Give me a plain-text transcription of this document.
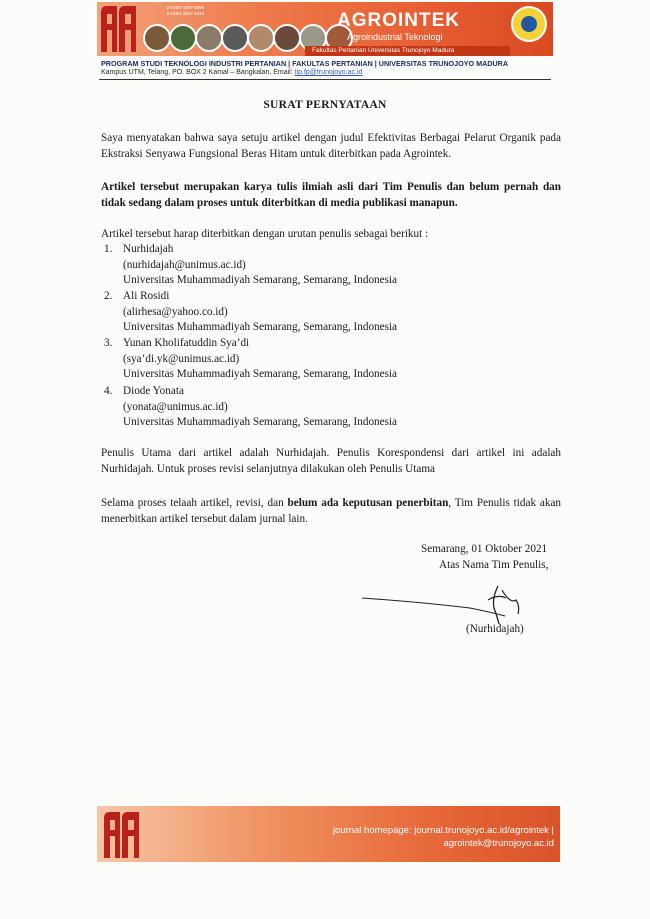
p-ISSN 1907-8056
e-ISSN 2527-5410	AGROINTEK
Agroindustrial Teknologi
Fakultas Pertanian Universitas Trunojoyo Madura
PROGRAM STUDI TEKNOLOGI INDUSTRI PERTANIAN | FAKULTAS PERTANIAN | UNIVERSITAS TRUNOJOYO MADURA
Kampus UTM, Telang, PO. BOX 2 Kamal – Bangkalan, Email: tip.fp@trunojoyo.ac.id
SURAT PERNYATAAN
Saya menyatakan bahwa saya setuju artikel dengan judul Efektivitas Berbagai Pelarut Organik pada Ekstraksi Senyawa Fungsional Beras Hitam untuk diterbitkan pada Agrointek.
Artikel tersebut merupakan karya tulis ilmiah asli dari Tim Penulis dan belum pernah dan tidak sedang dalam proses untuk diterbitkan di media publikasi manapun.
Artikel tersebut harap diterbitkan dengan urutan penulis sebagai berikut :
1. Nurhidajah
(nurhidajah@unimus.ac.id)
Universitas Muhammadiyah Semarang, Semarang, Indonesia
2. Ali Rosidi
(alirhesa@yahoo.co.id)
Universitas Muhammadiyah Semarang, Semarang, Indonesia
3. Yunan Kholifatuddin Sya’di
(sya’di.yk@unimus.ac.id)
Universitas Muhammadiyah Semarang, Semarang, Indonesia
4. Diode Yonata
(yonata@unimus.ac.id)
Universitas Muhammadiyah Semarang, Semarang, Indonesia
Penulis Utama dari artikel adalah Nurhidajah. Penulis Korespondensi dari artikel ini adalah Nurhidajah. Untuk proses revisi selanjutnya dilakukan oleh Penulis Utama
Selama proses telaah artikel, revisi, dan belum ada keputusan penerbitan, Tim Penulis tidak akan menerbitkan artikel tersebut dalam jurnal lain.
Semarang, 01 Oktober 2021
Atas Nama Tim Penulis,
(Nurhidajah)
journal homepage: journal.trunojoyo.ac.id/agrointek |
agrointek@trunojoyo.ac.id
